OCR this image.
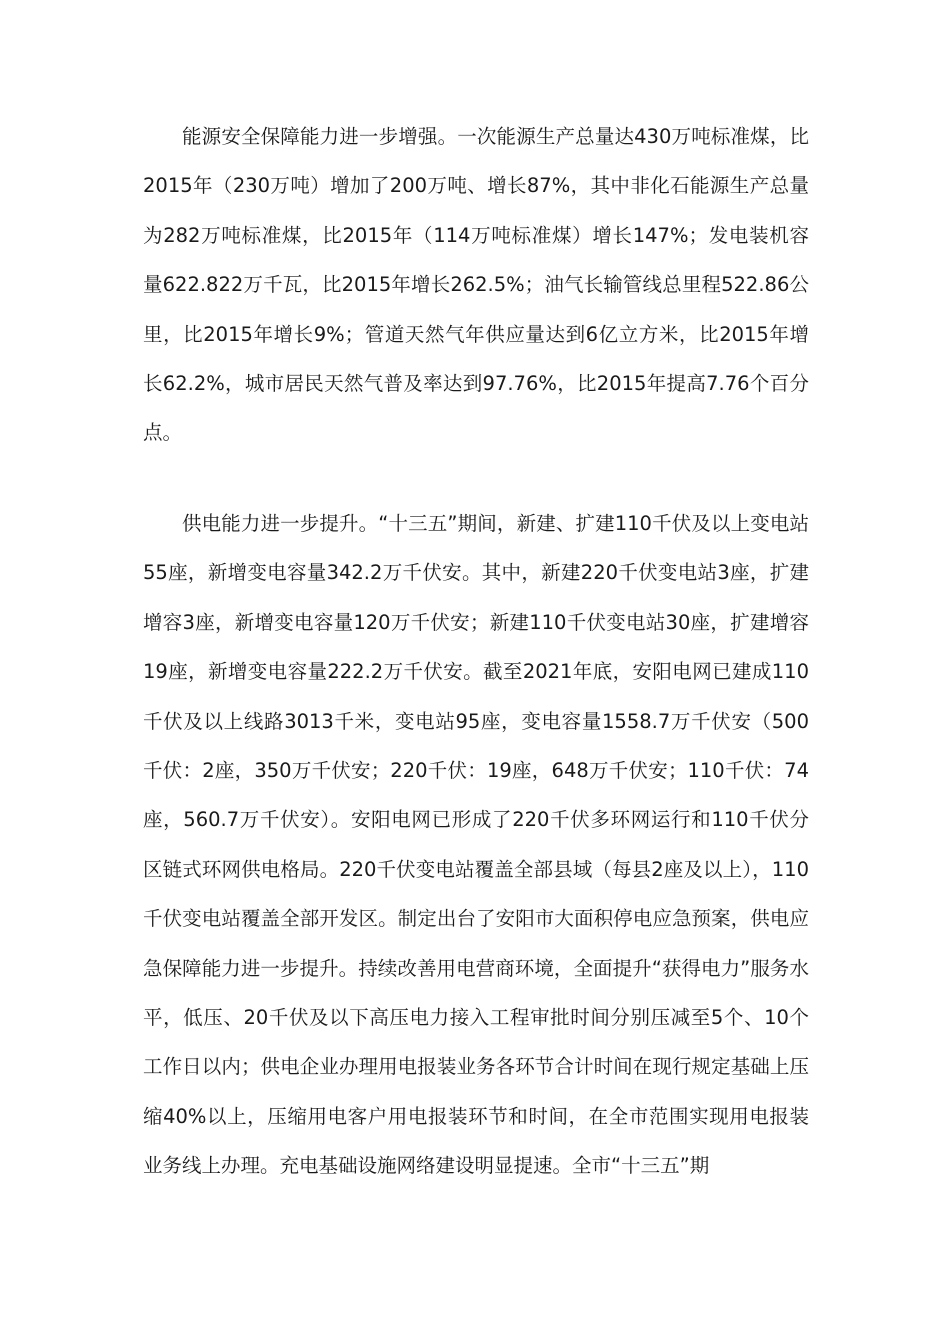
能源安全保障能力进一步增强。一次能源生产总量达430万吨标准煤，比2015年（230万吨）增加了200万吨、增长87%，其中非化石能源生产总量为282万吨标准煤，比2015年（114万吨标准煤）增长147%；发电装机容量622.822万千瓦，比2015年增长262.5%；油气长输管线总里程522.86公里，比2015年增长9%；管道天然气年供应量达到6亿立方米，比2015年增长62.2%，城市居民天然气普及率达到97.76%，比2015年提高7.76个百分点。

供电能力进一步提升。“十三五”期间，新建、扩建110千伏及以上变电站55座，新增变电容量342.2万千伏安。其中，新建220千伏变电站3座，扩建增容3座，新增变电容量120万千伏安；新建110千伏变电站30座，扩建增容19座，新增变电容量222.2万千伏安。截至2021年底，安阳电网已建成110千伏及以上线路3013千米，变电站95座，变电容量1558.7万千伏安（500千伏：2座，350万千伏安；220千伏：19座，648万千伏安；110千伏：74座，560.7万千伏安）。安阳电网已形成了220千伏多环网运行和110千伏分区链式环网供电格局。220千伏变电站覆盖全部县域（每县2座及以上），110千伏变电站覆盖全部开发区。制定出台了安阳市大面积停电应急预案，供电应急保障能力进一步提升。持续改善用电营商环境，全面提升“获得电力”服务水平，低压、20千伏及以下高压电力接入工程审批时间分别压减至5个、10个工作日以内；供电企业办理用电报装业务各环节合计时间在现行规定基础上压缩40%以上，压缩用电客户用电报装环节和时间，在全市范围实现用电报装业务线上办理。充电基础设施网络建设明显提速。全市“十三五”期
